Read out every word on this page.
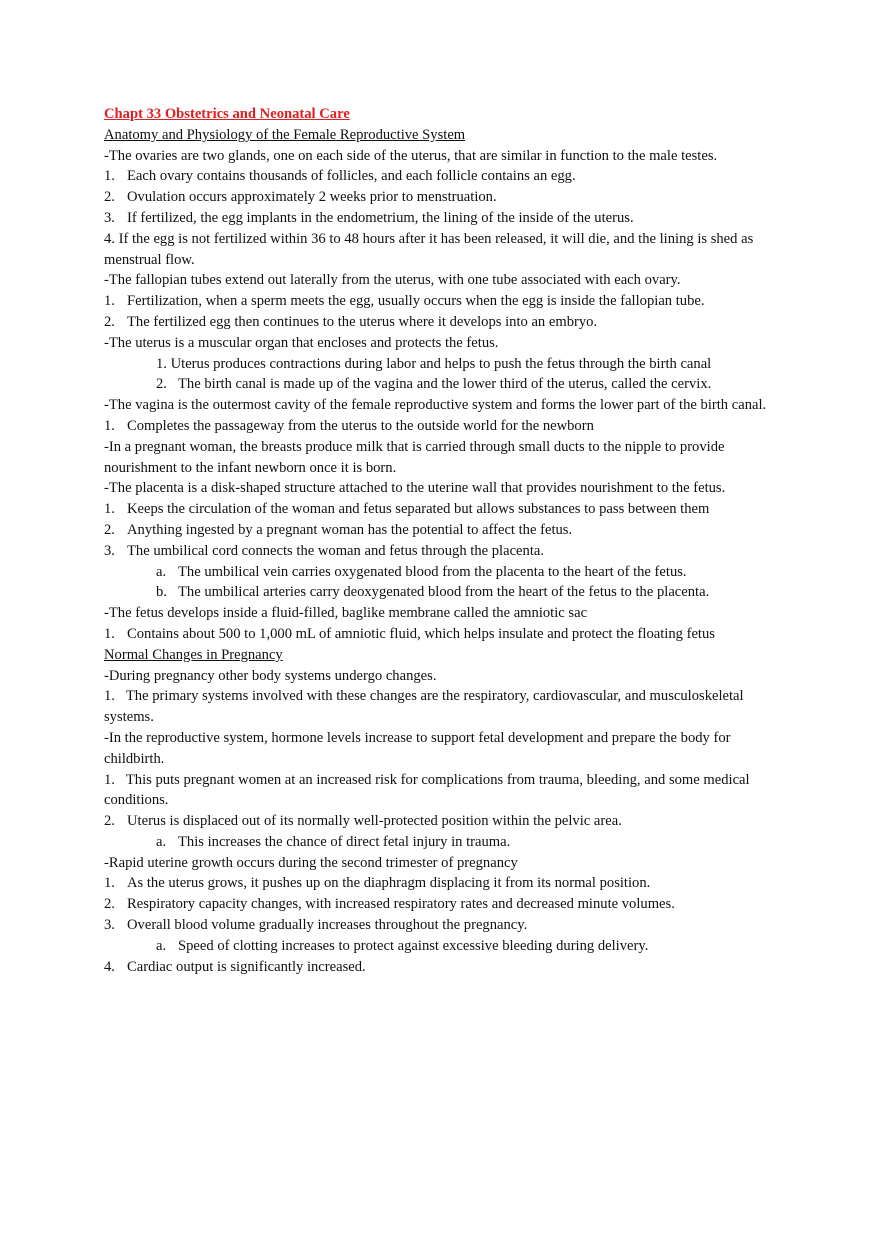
Chapt 33 Obstetrics and Neonatal Care

Anatomy and Physiology of the Female Reproductive System

-The ovaries are two glands, one on each side of the uterus, that are similar in function to the male testes.

1. Each ovary contains thousands of follicles, and each follicle contains an egg.
2. Ovulation occurs approximately 2 weeks prior to menstruation.
3. If fertilized, the egg implants in the endometrium, the lining of the inside of the uterus.

4. If the egg is not fertilized within 36 to 48 hours after it has been released, it will die, and the lining is shed as menstrual flow.

-The fallopian tubes extend out laterally from the uterus, with one tube associated with each ovary.

1. Fertilization, when a sperm meets the egg, usually occurs when the egg is inside the fallopian tube.
2. The fertilized egg then continues to the uterus where it develops into an embryo.

-The uterus is a muscular organ that encloses and protects the fetus.

1. Uterus produces contractions during labor and helps to push the fetus through the birth canal

2. The birth canal is made up of the vagina and the lower third of the uterus, called the cervix.

-The vagina is the outermost cavity of the female reproductive system and forms the lower part of the birth canal.

1. Completes the passageway from the uterus to the outside world for the newborn

-In a pregnant woman, the breasts produce milk that is carried through small ducts to the nipple to provide nourishment to the infant newborn once it is born.

-The placenta is a disk-shaped structure attached to the uterine wall that provides nourishment to the fetus.

1. Keeps the circulation of the woman and fetus separated but allows substances to pass between them
2. Anything ingested by a pregnant woman has the potential to affect the fetus.
3. The umbilical cord connects the woman and fetus through the placenta.
a. The umbilical vein carries oxygenated blood from the placenta to the heart of the fetus.
b. The umbilical arteries carry deoxygenated blood from the heart of the fetus to the placenta.

-The fetus develops inside a fluid-filled, baglike membrane called the amniotic sac

1. Contains about 500 to 1,000 mL of amniotic fluid, which helps insulate and protect the floating fetus

Normal Changes in Pregnancy

-During pregnancy other body systems undergo changes.

1.   The primary systems involved with these changes are the respiratory, cardiovascular, and musculoskeletal systems.

-In the reproductive system, hormone levels increase to support fetal development and prepare the body for childbirth.

1.   This puts pregnant women at an increased risk for complications from trauma, bleeding, and some medical conditions.

2. Uterus is displaced out of its normally well-protected position within the pelvic area.
a. This increases the chance of direct fetal injury in trauma.

-Rapid uterine growth occurs during the second trimester of pregnancy

1. As the uterus grows, it pushes up on the diaphragm displacing it from its normal position.
2. Respiratory capacity changes, with increased respiratory rates and decreased minute volumes.
3. Overall blood volume gradually increases throughout the pregnancy.
a. Speed of clotting increases to protect against excessive bleeding during delivery.
4. Cardiac output is significantly increased.
